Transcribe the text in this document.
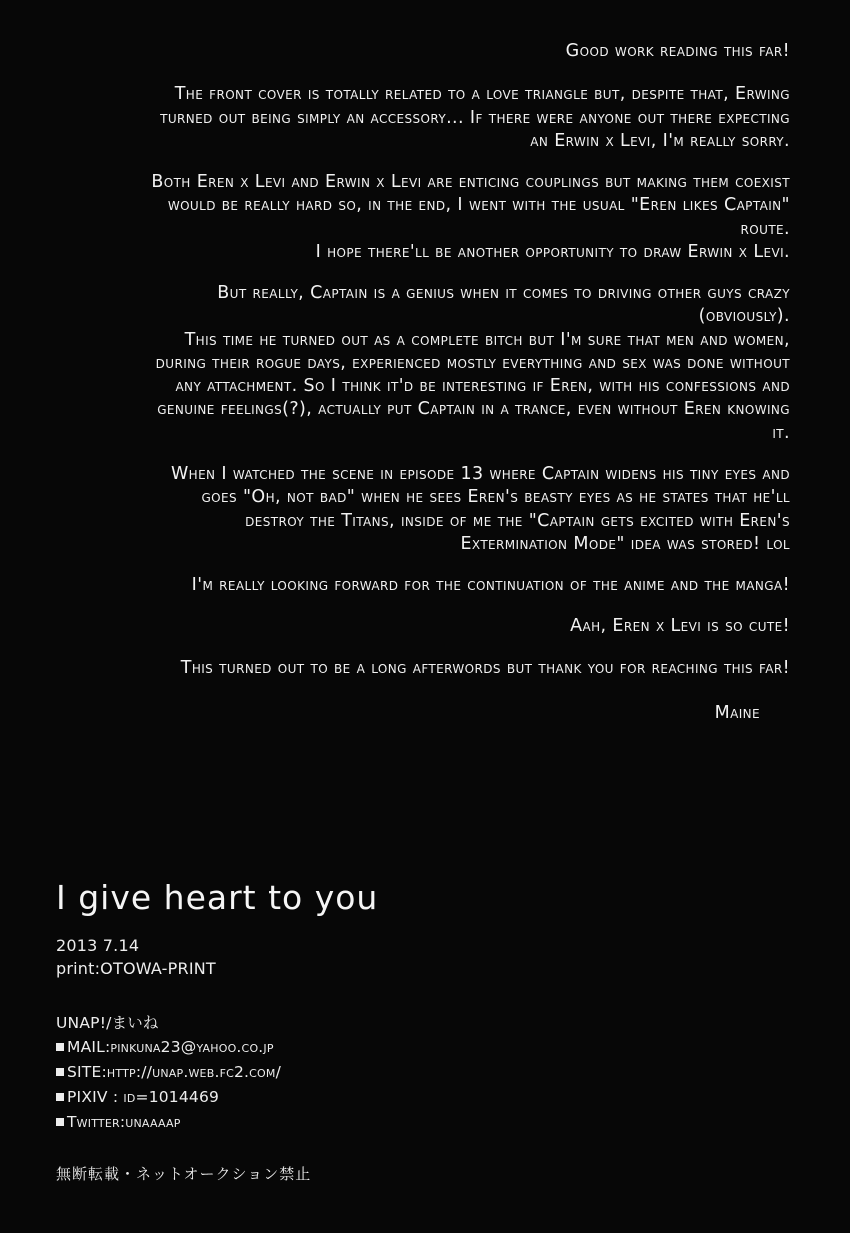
Good work reading this far!

The front cover is totally related to a love triangle but, despite that, Erwing turned out being simply an accessory... If there were anyone out there expecting an Erwin x Levi, I'm really sorry.

Both Eren x Levi and Erwin x Levi are enticing couplings but making them coexist would be really hard so, in the end, I went with the usual "Eren likes Captain" route.

I hope there'll be another opportunity to draw Erwin x Levi.

But really, Captain is a genius when it comes to driving other guys crazy (obviously).

This time he turned out as a complete bitch but I'm sure that men and women, during their rogue days, experienced mostly everything and sex was done without any attachment. So I think it'd be interesting if Eren, with his confessions and genuine feelings(?), actually put Captain in a trance, even without Eren knowing it.

When I watched the scene in episode 13 where Captain widens his tiny eyes and goes "Oh, not bad" when he sees Eren's beasty eyes as he states that he'll destroy the Titans, inside of me the "Captain gets excited with Eren's Extermination Mode" idea was stored! lol

I'm really looking forward for the continuation of the anime and the manga!

Aah, Eren x Levi is so cute!

This turned out to be a long afterwords but thank you for reaching this far!

Maine

I give heart to you
2013 7.14
print:OTOWA-PRINT
UNAP!/まいね
MAIL:pinkuna23@yahoo.co.jp
SITE:http://unap.web.fc2.com/
PIXIV : id=1014469
Twitter:unaaaap
無断転載・ネットオークション禁止
